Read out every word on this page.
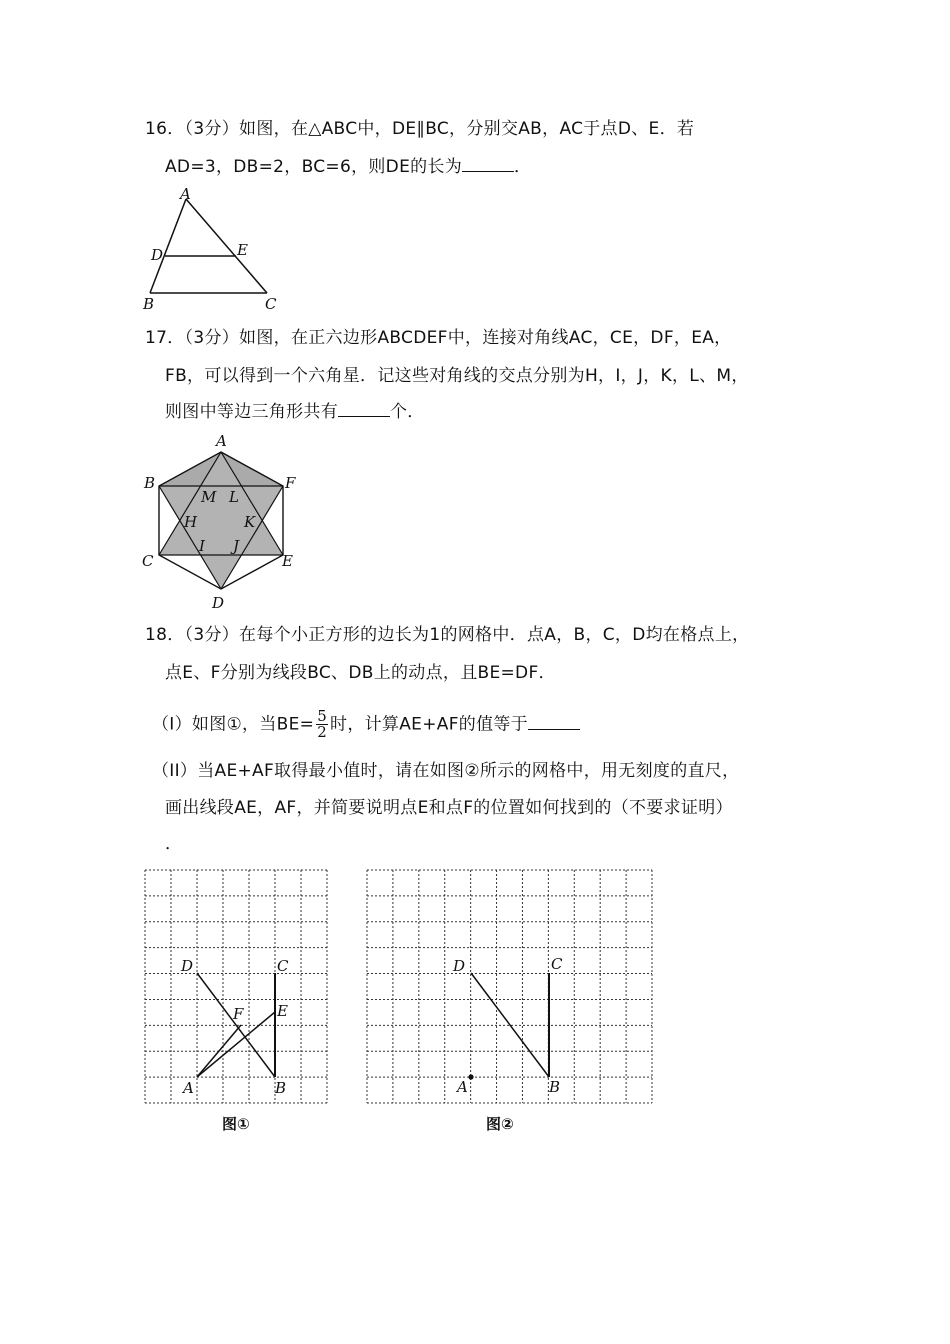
16．（3分）如图，在△ABC中，DE∥BC，分别交AB，AC于点D、E．若
AD=3，DB=2，BC=6，则DE的长为	．
A
D	E
B	C
17．（3分）如图，在正六边形ABCDEF中，连接对角线AC，CE，DF，EA，
FB，可以得到一个六角星．记这些对角线的交点分别为H，I，J，K，L、M，
则图中等边三角形共有	个．
A
B	F
C	E
D
M L
H	K
I J
18．（3分）在每个小正方形的边长为1的网格中．点A，B，C，D均在格点上，
点E、F分别为线段BC、DB上的动点，且BE=DF．
（I）如图①，当$BE= \frac{5}{2}$ 时，计算AE+AF的值等于
（II）当AE+AF取得最小值时，请在如图②所示的网格中，用无刻度的直尺，
画出线段AE，AF，并简要说明点E和点F的位置如何找到的（不要求证明）
．
D	C
E
F
A	B
图①
D	C
A	B
图②
